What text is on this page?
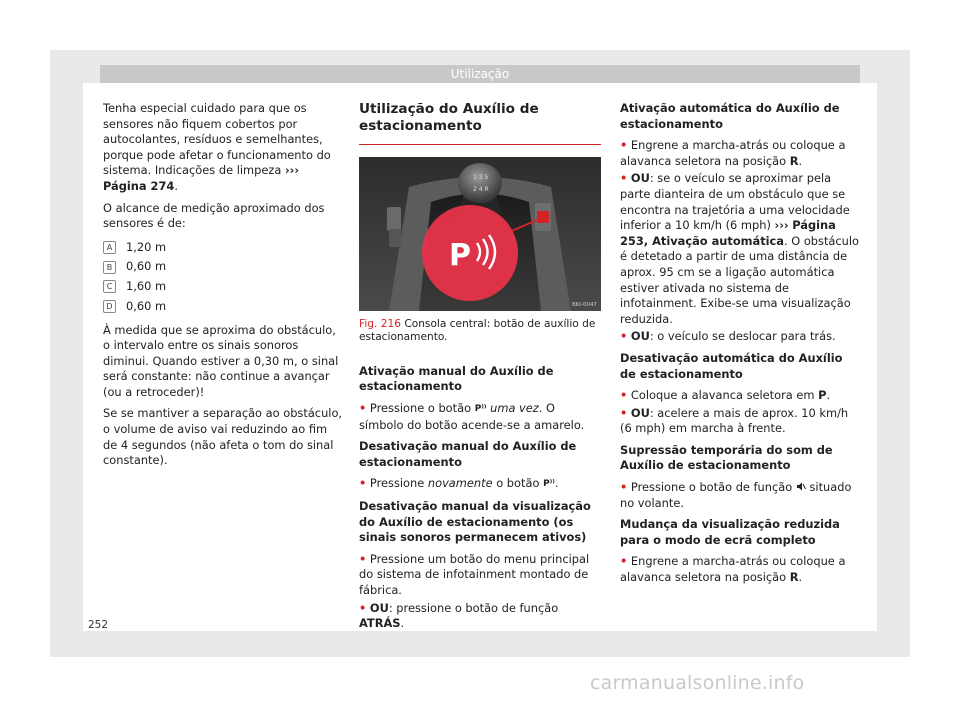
Utilização

Tenha especial cuidado para que os sensores não fiquem cobertos por autocolantes, resíduos e semelhantes, porque pode afetar o funcionamento do sistema. Indicações de limpeza ››› Página 274.

O alcance de medição aproximado dos sensores é de:

A	1,20 m
B	0,60 m
C	1,60 m
D	0,60 m

À medida que se aproxima do obstáculo, o intervalo entre os sinais sonoros diminui. Quando estiver a 0,30 m, o sinal será constante: não continue a avançar (ou a retroceder)!

Se se mantiver a separação ao obstáculo, o volume de aviso vai reduzindo ao fim de 4 segundos (não afeta o tom do sinal constante).

Utilização do Auxílio de estacionamento
1 3 5
2 4 R
P
BKI-0047
Fig. 216 Consola central: botão de auxílio de estacionamento.

Ativação manual do Auxílio de estacionamento

• Pressione o botão P⁾⁾ uma vez. O símbolo do botão acende-se a amarelo.

Desativação manual do Auxílio de estacionamento

• Pressione novamente o botão P⁾⁾.

Desativação manual da visualização do Auxílio de estacionamento (os sinais sonoros permanecem ativos)

• Pressione um botão do menu principal do sistema de infotainment montado de fábrica.

• OU: pressione o botão de função ATRÁS.

Ativação automática do Auxílio de estacionamento

• Engrene a marcha-atrás ou coloque a alavanca seletora na posição R.

• OU: se o veículo se aproximar pela parte dianteira de um obstáculo que se encontra na trajetória a uma velocidade inferior a 10 km/h (6 mph) ››› Página 253, Ativação automática. O obstáculo é detetado a partir de uma distância de aprox. 95 cm se a ligação automática estiver ativada no sistema de infotainment. Exibe-se uma visualização reduzida.

• OU: o veículo se deslocar para trás.

Desativação automática do Auxílio de estacionamento

• Coloque a alavanca seletora em P.

• OU: acelere a mais de aprox. 10 km/h (6 mph) em marcha à frente.

Supressão temporária do som de Auxílio de estacionamento

• Pressione o botão de função situado no volante.

Mudança da visualização reduzida para o modo de ecrã completo

• Engrene a marcha-atrás ou coloque a alavanca seletora na posição R.

252
carmanualsonline.info
